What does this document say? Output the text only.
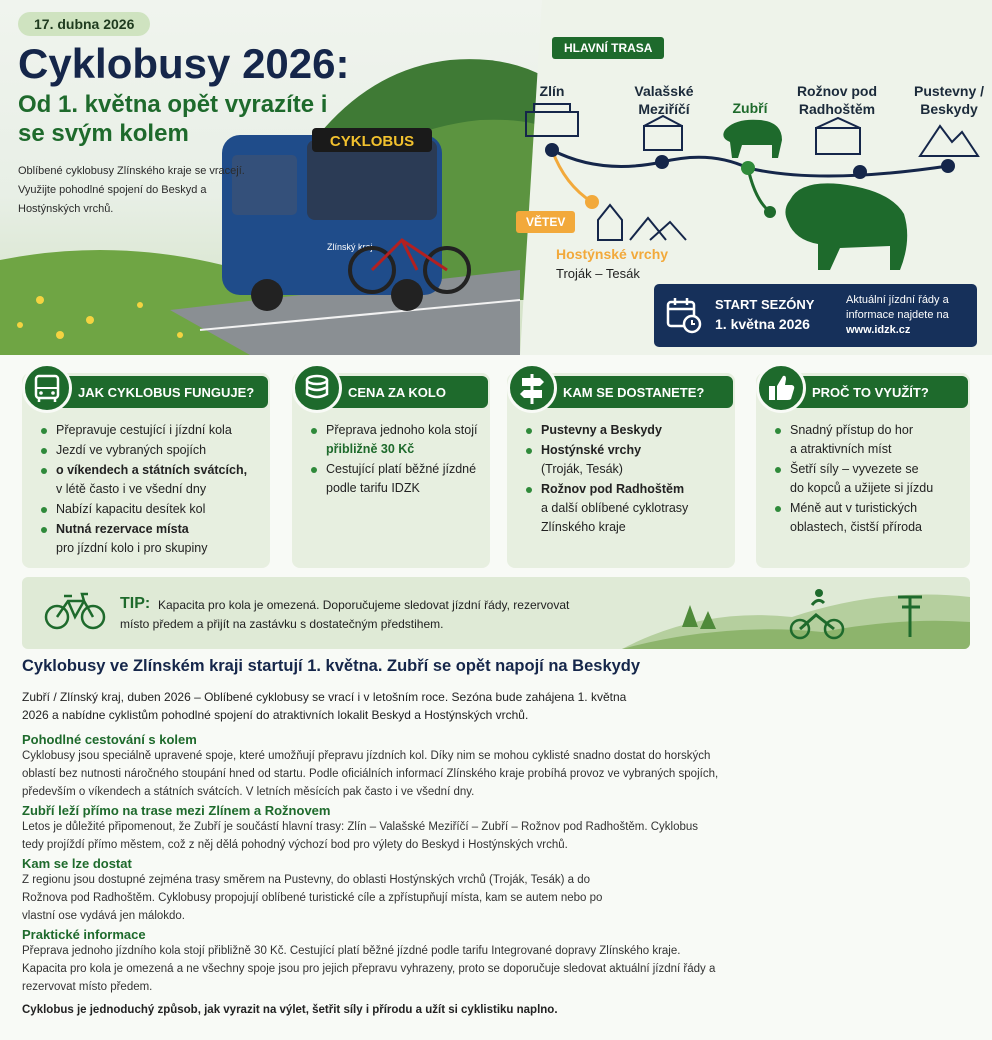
CYKLOBUS
Zlínský kraj
17. dubna 2026
Cyklobusy 2026:
Od 1. května opět vyrazíte i se svým kolem
Oblíbené cyklobusy Zlínského kraje se vracejí. Využijte pohodlné spojení do Beskyd a Hostýnských vrchů.
HLAVNÍ TRASA
Zlín	Valašské Meziříčí	Zubří
Rožnov pod Radhoštěm
Pustevny / Beskydy
VĚTEV
Hostýnské vrchy
Troják – Tesák
START SEZÓNY
1. května 2026
Aktuální jízdní řády a informace najdete na
www.idzk.cz
JAK CYKLOBUS FUNGUJE?
Přepravuje cestující i jízdní kola
Jezdí ve vybraných spojích
o víkendech a státních svátcích,
v létě často i ve všední dny
Nabízí kapacitu desítek kol
Nutná rezervace místa
pro jízdní kolo i pro skupiny
CENA ZA KOLO
Přeprava jednoho kola stojí
přibližně 30 Kč
Cestující platí běžné jízdné
podle tarifu IDZK
KAM SE DOSTANETE?
Pustevny a Beskydy
Hostýnské vrchy
(Troják, Tesák)
Rožnov pod Radhoštěm
a další oblíbené cyklotrasy
Zlínského kraje
PROČ TO VYUŽÍT?
Snadný přístup do hor
a atraktivních míst
Šetří síly – vyvezete se
do kopců a užijete si jízdu
Méně aut v turistických
oblastech, čistší příroda
TIP: Kapacita pro kola je omezená. Doporučujeme sledovat jízdní řády, rezervovat místo předem a přijít na zastávku s dostatečným předstihem.
Cyklobusy ve Zlínském kraji startují 1. května. Zubří se opět napojí na Beskydy
Zubří / Zlínský kraj, duben 2026 – Oblíbené cyklobusy se vrací i v letošním roce. Sezóna bude zahájena 1. května 2026 a nabídne cyklistům pohodlné spojení do atraktivních lokalit Beskyd a Hostýnských vrchů.
Pohodlné cestování s kolem
Cyklobusy jsou speciálně upravené spoje, které umožňují přepravu jízdních kol. Díky nim se mohou cyklisté snadno dostat do horských oblastí bez nutnosti náročného stoupání hned od startu. Podle oficiálních informací Zlínského kraje probíhá provoz ve vybraných spojích, především o víkendech a státních svátcích. V letních měsících pak často i ve všední dny.
Zubří leží přímo na trase mezi Zlínem a Rožnovem
Letos je důležité připomenout, že Zubří je součástí hlavní trasy: Zlín – Valašské Meziříčí – Zubří – Rožnov pod Radhoštěm. Cyklobus tedy projíždí přímo městem, což z něj dělá pohodný výchozí bod pro výlety do Beskyd i Hostýnských vrchů.
Kam se lze dostat
Z regionu jsou dostupné zejména trasy směrem na Pustevny, do oblasti Hostýnských vrchů (Troják, Tesák) a do Rožnova pod Radhoštěm. Cyklobusy propojují oblíbené turistické cíle a zpřístupňují místa, kam se autem nebo po vlastní ose vydává jen málokdo.
Praktické informace
Přeprava jednoho jízdního kola stojí přibližně 30 Kč. Cestující platí běžné jízdné podle tarifu Integrované dopravy Zlínského kraje. Kapacita pro kola je omezená a ne všechny spoje jsou pro jejich přepravu vyhrazeny, proto se doporučuje sledovat aktuální jízdní řády a rezervovat místo předem.
Cyklobus je jednoduchý způsob, jak vyrazit na výlet, šetřit síly i přírodu a užít si cyklistiku naplno.
